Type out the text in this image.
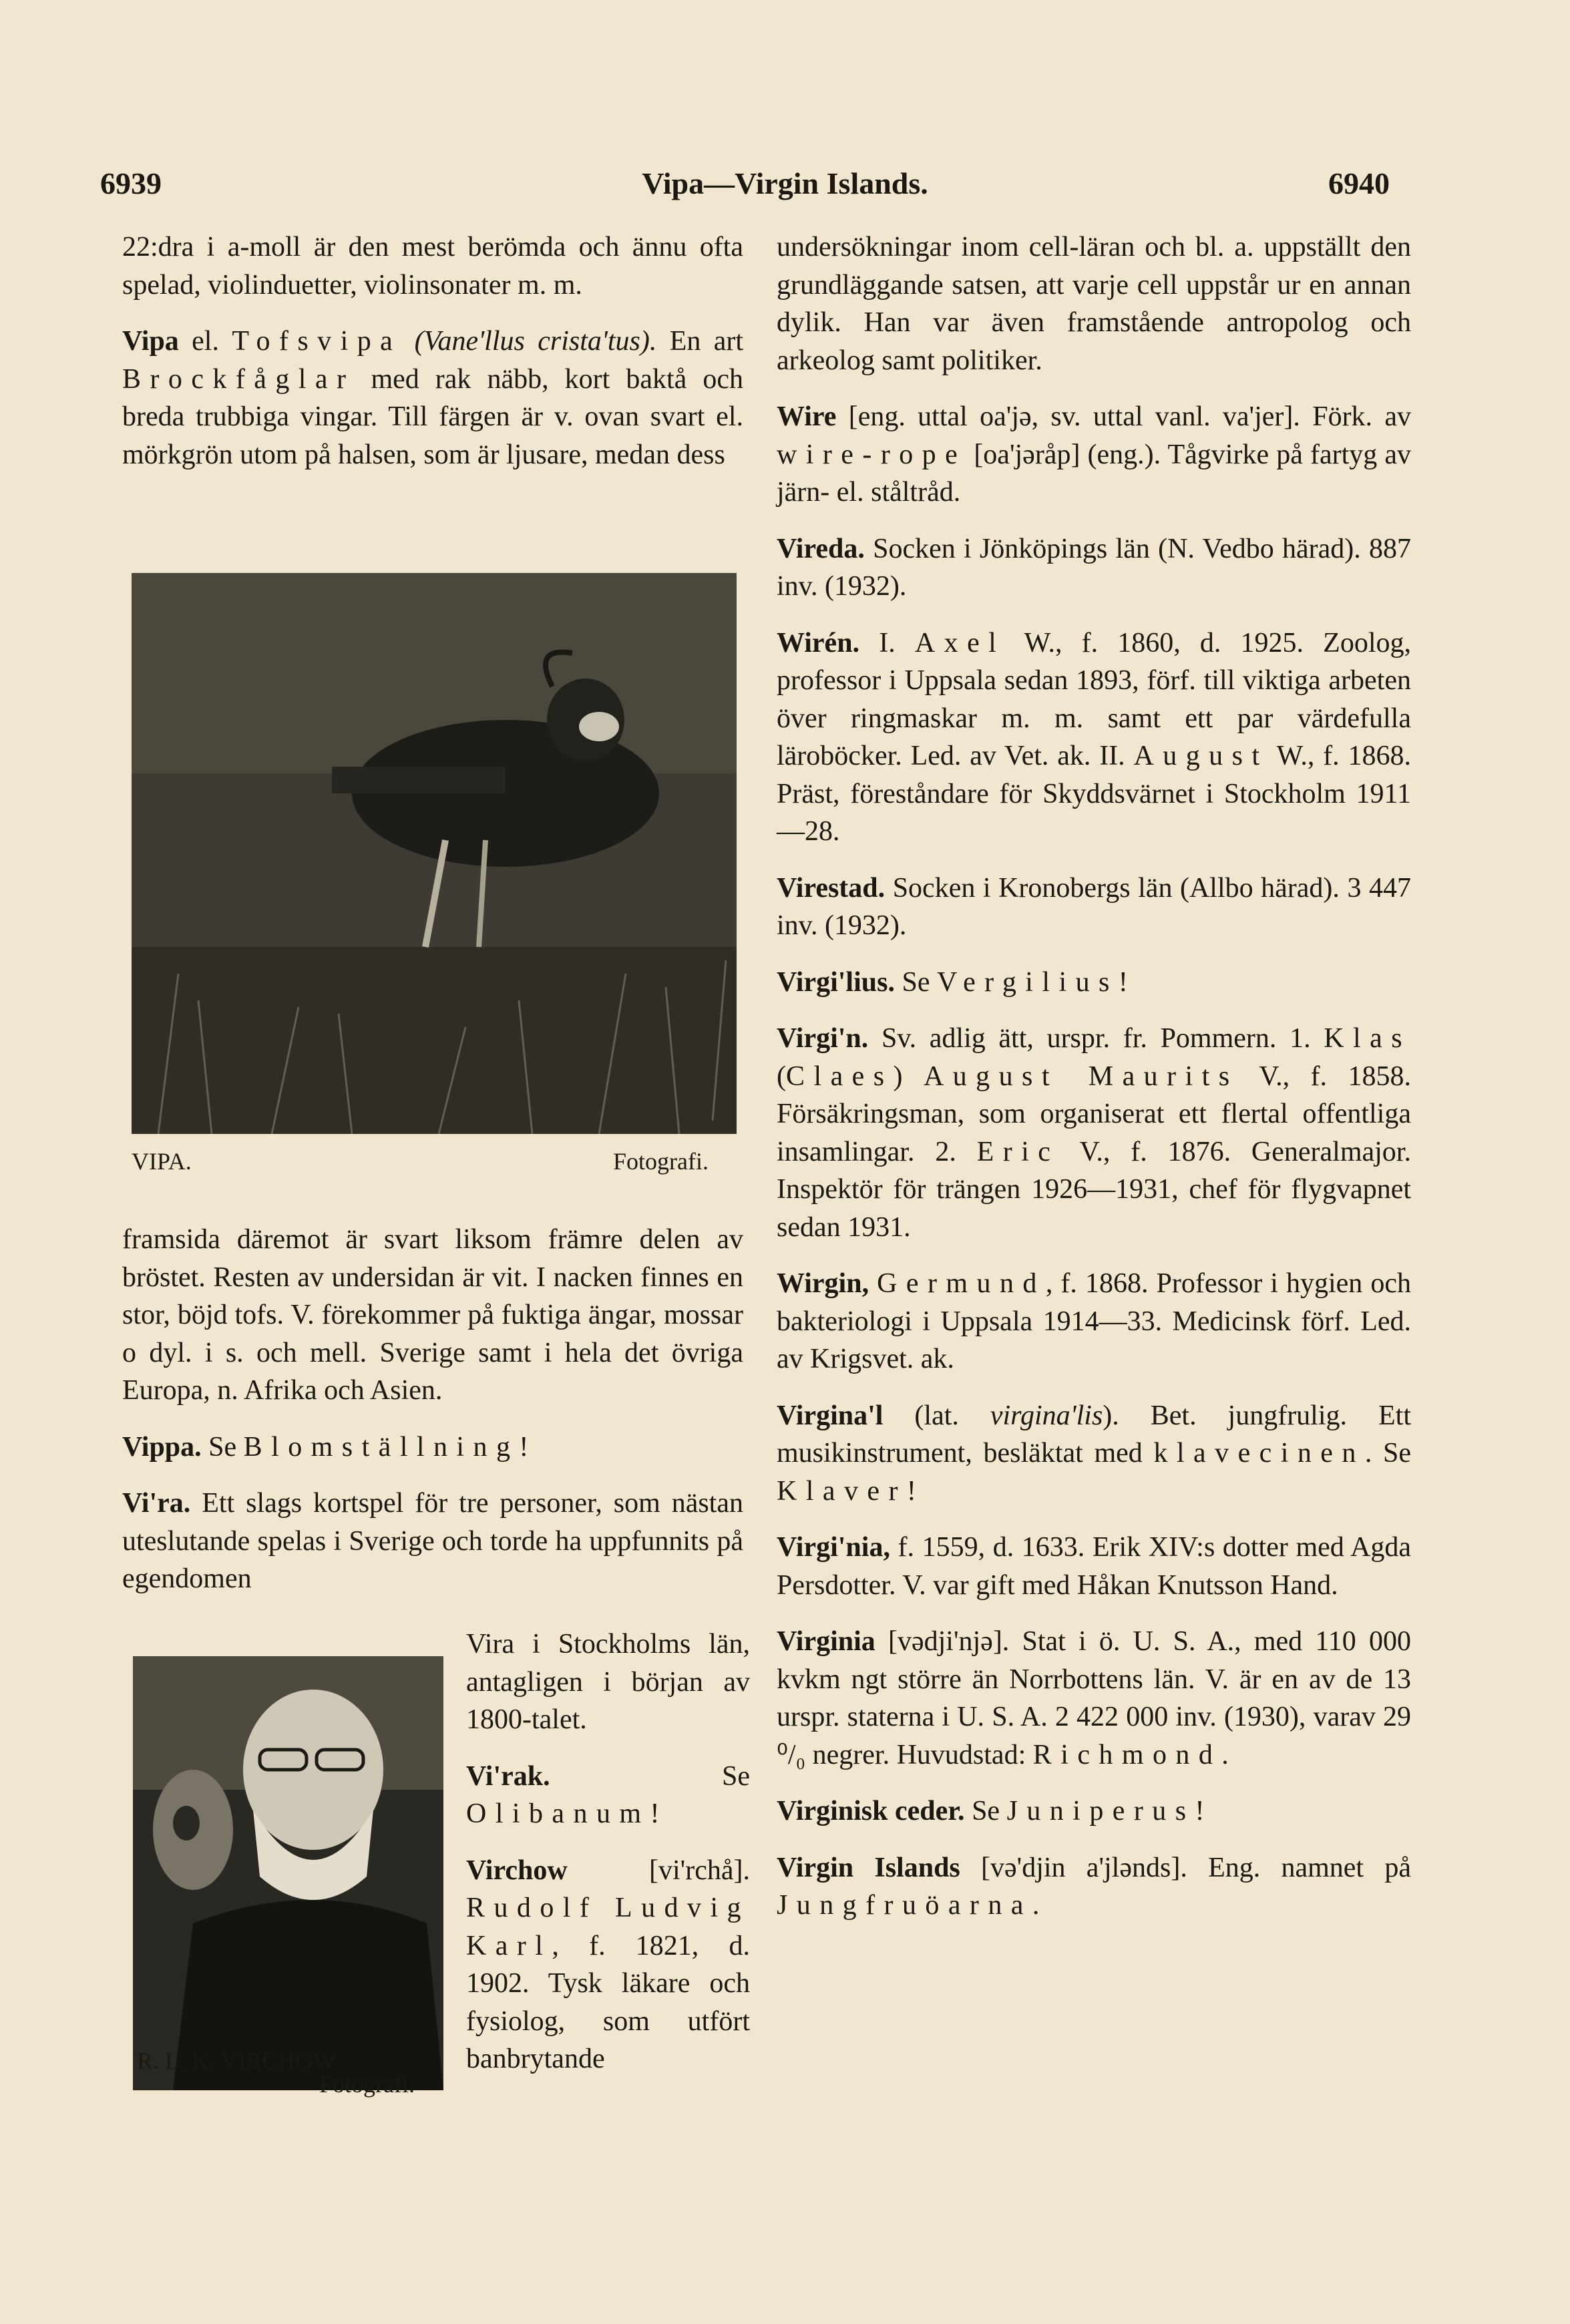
6939	Vipa—Virgin Islands.	6940

22:dra i a-moll är den mest berömda och ännu ofta spelad, violinduetter, violinsonater m. m.

Vipa el. Tofsvipa (Vane'llus crista'tus). En art Brockfåglar med rak näbb, kort baktå och breda trubbiga vingar. Till färgen är v. ovan svart el. mörkgrön utom på halsen, som är ljusare, medan dess

VIPA.	Fotografi.

framsida däremot är svart liksom främre delen av bröstet. Resten av undersidan är vit. I nacken finnes en stor, böjd tofs. V. förekommer på fuktiga ängar, mossar o dyl. i s. och mell. Sverige samt i hela det övriga Europa, n. Afrika och Asien.

Vippa. Se Blomställning!

Vi'ra. Ett slags kortspel för tre personer, som nästan uteslutande spelas i Sverige och torde ha uppfunnits på egendomen

R. L. K. VIRCHOW.
Fotografi.

Vira i Stockholms län, antagligen i början av 1800-talet.

Vi'rak. Se Olibanum!

Virchow [vi'rchå]. Rudolf Ludvig Karl, f. 1821, d. 1902. Tysk läkare och fysiolog, som utfört banbrytande

undersökningar inom cell-läran och bl. a. uppställt den grundläggande satsen, att varje cell uppstår ur en annan dylik. Han var även framstående antropolog och arkeolog samt politiker.

Wire [eng. uttal oa'jə, sv. uttal vanl. va'jer]. Förk. av wire-rope [oa'jəråp] (eng.). Tågvirke på fartyg av järn- el. ståltråd.

Vireda. Socken i Jönköpings län (N. Vedbo härad). 887 inv. (1932).

Wirén. I. Axel W., f. 1860, d. 1925. Zoolog, professor i Uppsala sedan 1893, förf. till viktiga arbeten över ringmaskar m. m. samt ett par värdefulla läroböcker. Led. av Vet. ak. II. August W., f. 1868. Präst, föreståndare för Skyddsvärnet i Stockholm 1911—28.

Virestad. Socken i Kronobergs län (Allbo härad). 3 447 inv. (1932).

Virgi'lius. Se Vergilius!

Virgi'n. Sv. adlig ätt, urspr. fr. Pommern. 1. Klas (Claes) August Maurits V., f. 1858. Försäkringsman, som organiserat ett flertal offentliga insamlingar. 2. Eric V., f. 1876. Generalmajor. Inspektör för trängen 1926—1931, chef för flygvapnet sedan 1931.

Wirgin, Germund, f. 1868. Professor i hygien och bakteriologi i Uppsala 1914—33. Medicinsk förf. Led. av Krigsvet. ak.

Virgina'l (lat. virgina'lis). Bet. jungfrulig. Ett musikinstrument, besläktat med klavecinen. Se Klaver!

Virgi'nia, f. 1559, d. 1633. Erik XIV:s dotter med Agda Persdotter. V. var gift med Håkan Knutsson Hand.

Virginia [vədji'njə]. Stat i ö. U. S. A., med 110 000 kvkm ngt större än Norrbottens län. V. är en av de 13 urspr. staterna i U. S. A. 2 422 000 inv. (1930), varav 29 ⁰/₀ negrer. Huvudstad: Richmond.

Virginisk ceder. Se Juniperus!

Virgin Islands [və'djin a'jlənds]. Eng. namnet på Jungfruöarna.
